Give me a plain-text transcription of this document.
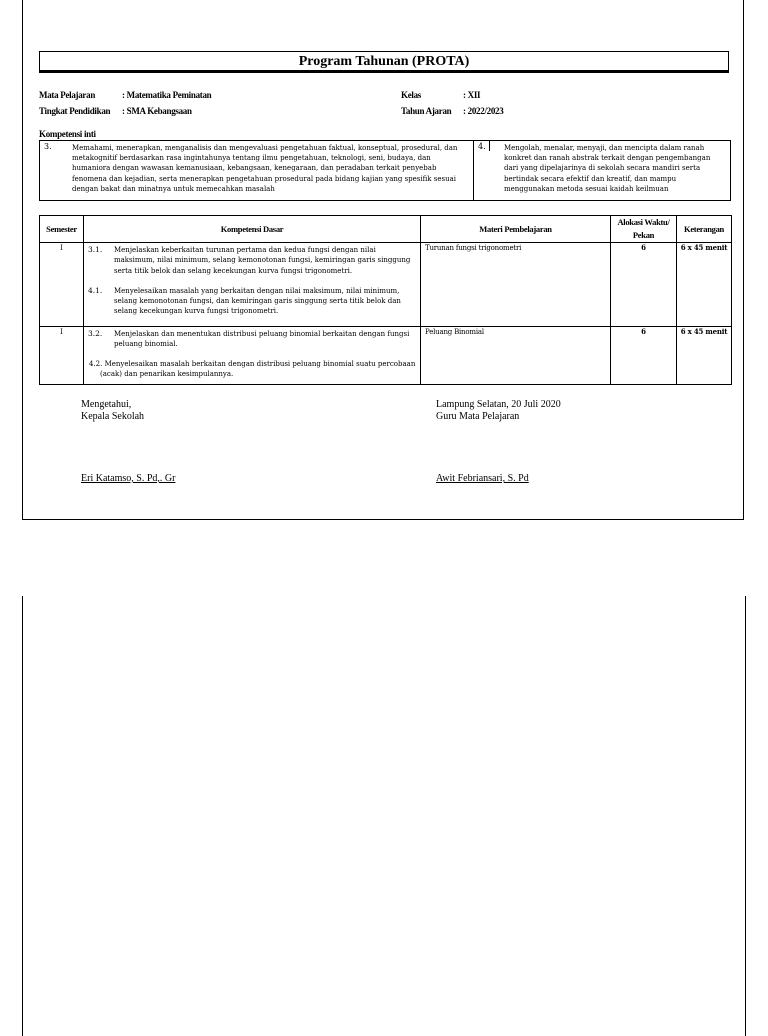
Program Tahunan (PROTA)
Mata Pelajaran	: Matematika Peminatan
Tingkat Pendidikan : SMA Kebangsaan
Kelas	: XII
Tahun Ajaran : 2022/2023
Kompetensi inti
3.	Memahami, menerapkan, menganalisis dan mengevaluasi pengetahuan faktual, konseptual, prosedural, dan metakognitif berdasarkan rasa ingintahunya tentang ilmu pengetahuan, teknologi, seni, budaya, dan humaniora dengan wawasan kemanusiaan, kebangsaan, kenegaraan, dan peradaban terkait penyebab fenomena dan kejadian, serta menerapkan pengetahuan prosedural pada bidang kajian yang spesifik sesuai dengan bakat dan minatnya untuk memecahkan masalah
4.	Mengolah, menalar, menyaji, dan mencipta dalam ranah konkret dan ranah abstrak terkait dengan pengembangan dari yang dipelajarinya di sekolah secara mandiri serta bertindak secara efektif dan kreatif, dan mampu menggunakan metoda sesuai kaidah keilmuan
Semester	Kompetensi Dasar	Materi Pembelajaran	Alokasi Waktu/ Pekan	Keterangan
I	3.1. Menjelaskan keberkaitan turunan pertama dan kedua fungsi dengan nilai maksimum, nilai minimum, selang kemonotonan fungsi, kemiringan garis singgung serta titik belok dan selang kecekungan kurva fungsi trigonometri.
4.1. Menyelesaikan masalah yang berkaitan dengan nilai maksimum, nilai minimum, selang kemonotonan fungsi, dan kemiringan garis singgung serta titik belok dan selang kecekungan kurva fungsi trigonometri.	Turunan fungsi trigonometri	6	6 x 45 menit
I	3.2. Menjelaskan dan menentukan distribusi peluang binomial berkaitan dengan fungsi peluang binomial.
4.2. Menyelesaikan masalah berkaitan dengan distribusi peluang binomial suatu percobaan (acak) dan penarikan kesimpulannya.	Peluang Binomial	6	6 x 45 menit
Mengetahui,
Kepala Sekolah
Lampung Selatan, 20 Juli 2020
Guru Mata Pelajaran
Eri Katamso, S. Pd,. Gr	Awit Febriansari, S. Pd
